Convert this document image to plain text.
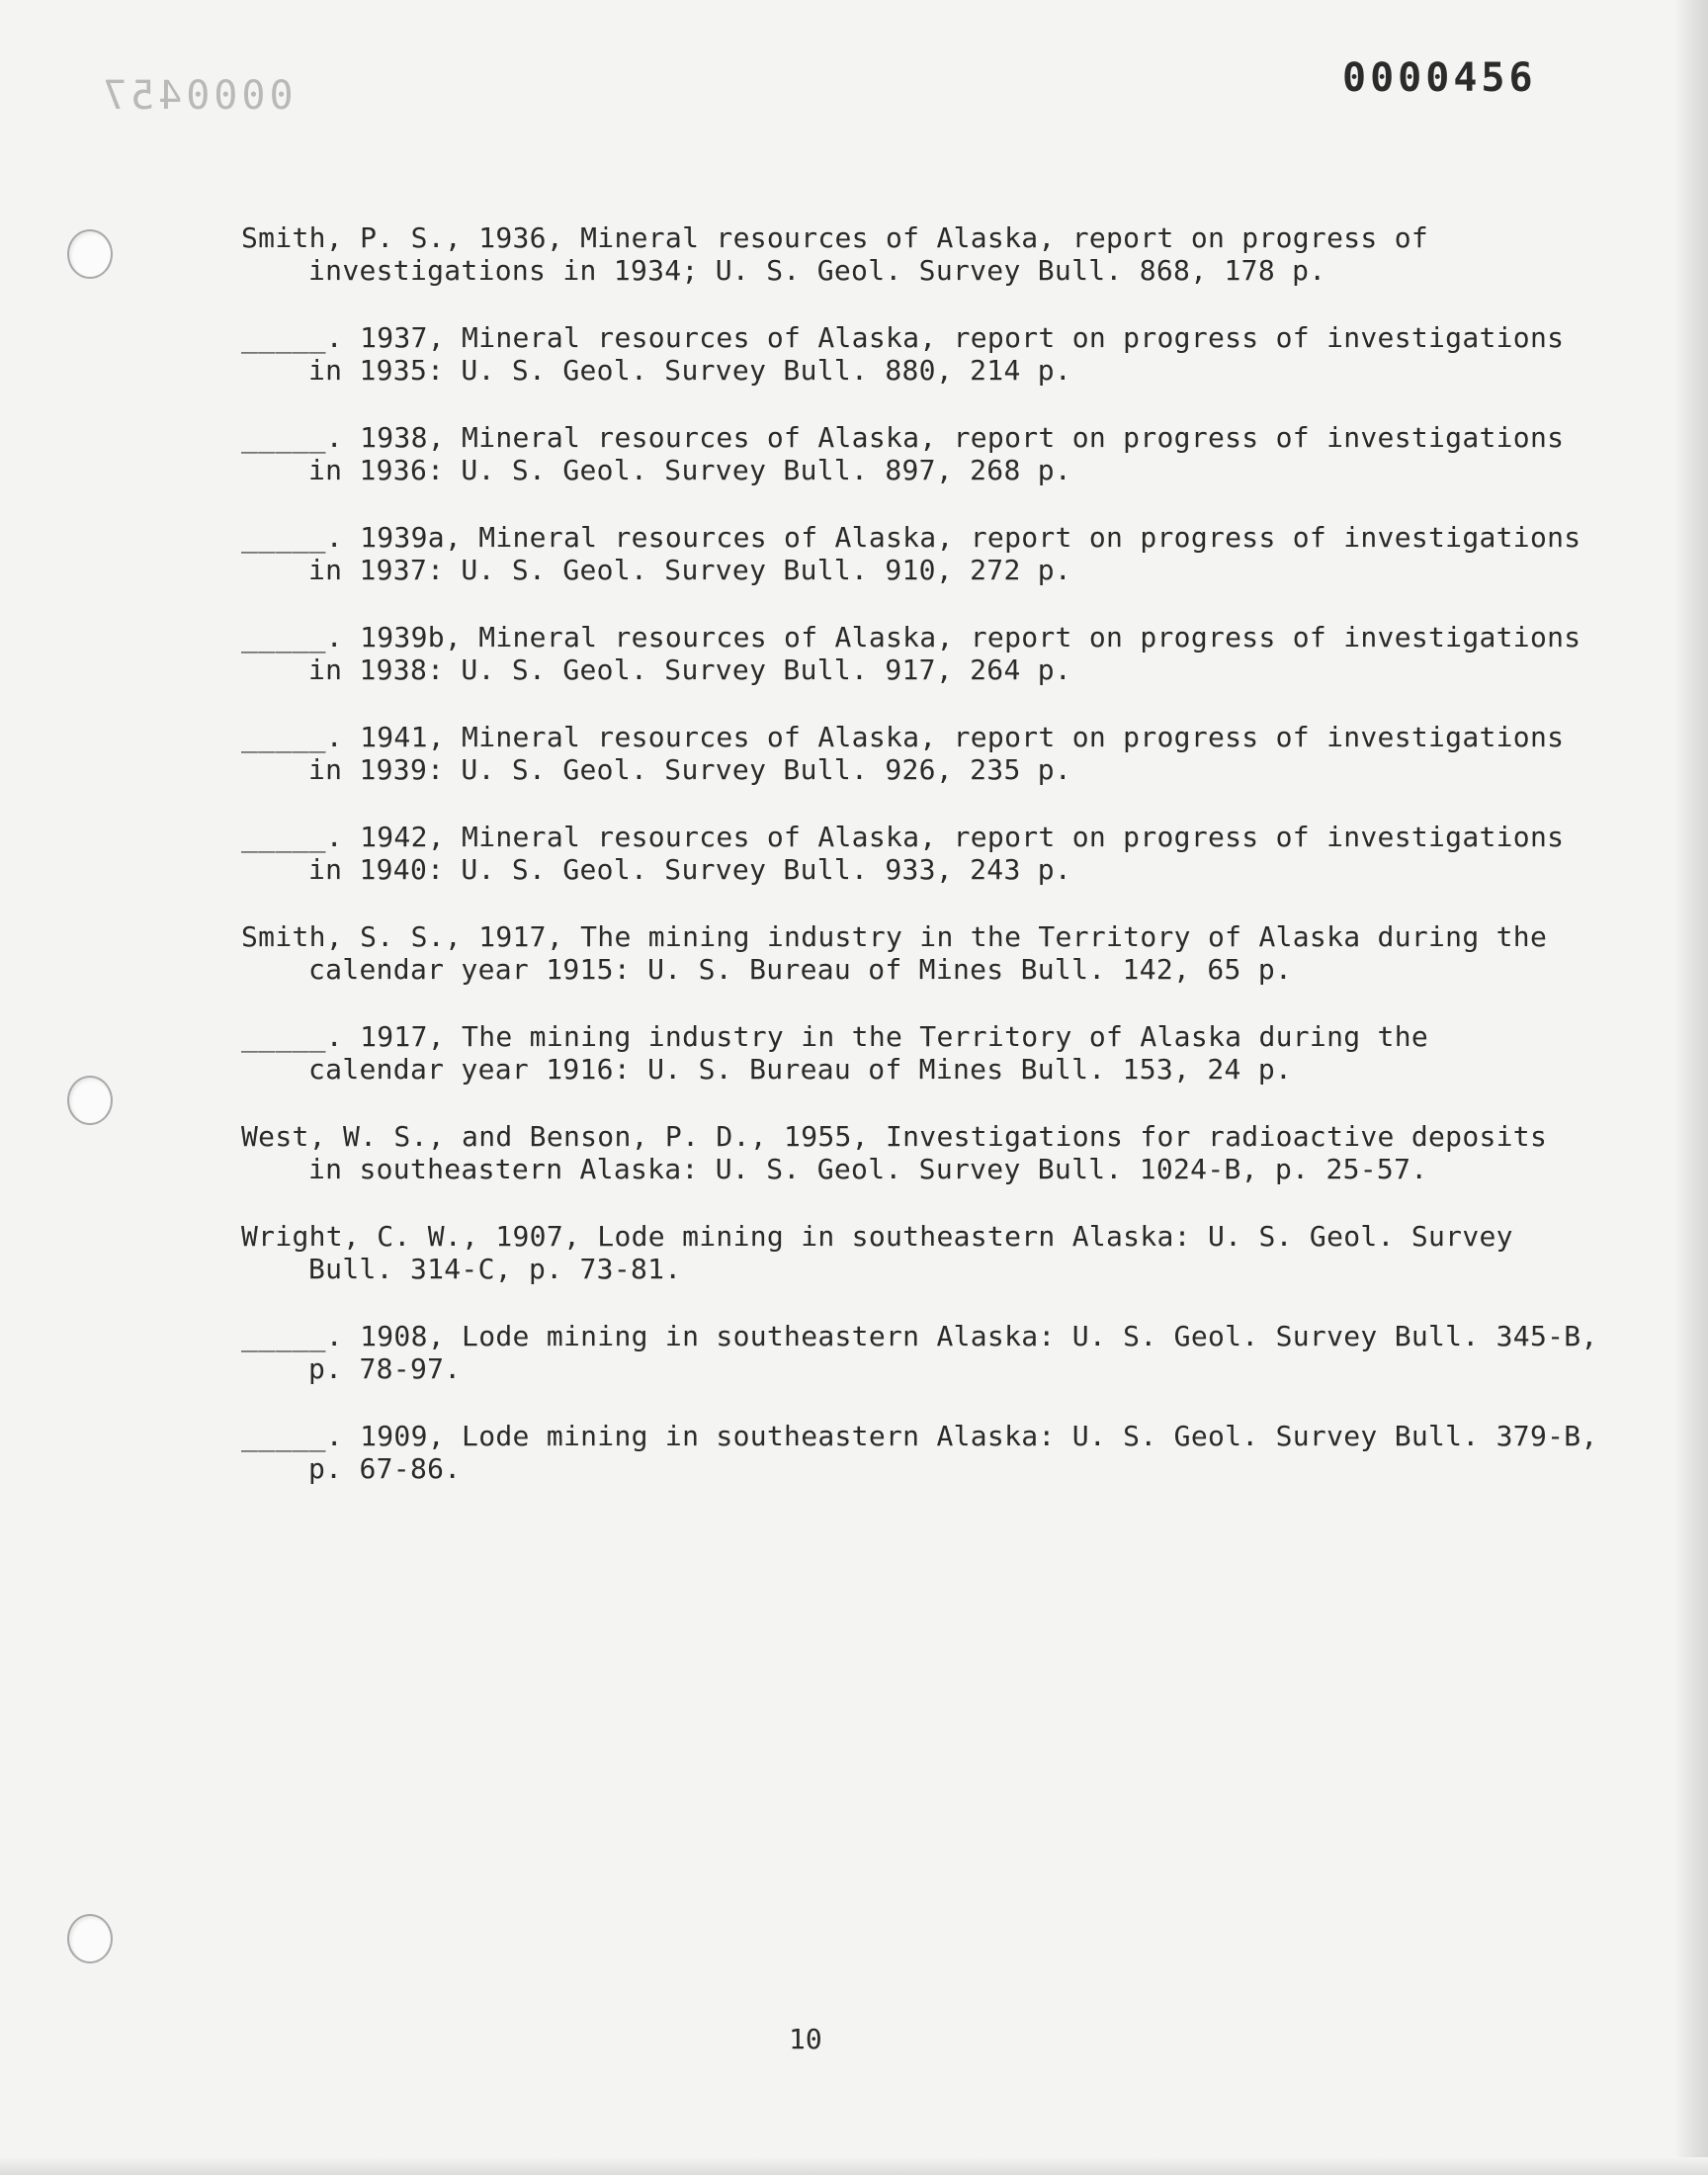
0000457	0000456
Smith, P. S., 1936, Mineral resources of Alaska, report on progress of
investigations in 1934; U. S. Geol. Survey Bull. 868, 178 p.
_____. 1937, Mineral resources of Alaska, report on progress of investigations
in 1935: U. S. Geol. Survey Bull. 880, 214 p.
_____. 1938, Mineral resources of Alaska, report on progress of investigations
in 1936: U. S. Geol. Survey Bull. 897, 268 p.
_____. 1939a, Mineral resources of Alaska, report on progress of investigations
in 1937: U. S. Geol. Survey Bull. 910, 272 p.
_____. 1939b, Mineral resources of Alaska, report on progress of investigations
in 1938: U. S. Geol. Survey Bull. 917, 264 p.
_____. 1941, Mineral resources of Alaska, report on progress of investigations
in 1939: U. S. Geol. Survey Bull. 926, 235 p.
_____. 1942, Mineral resources of Alaska, report on progress of investigations
in 1940: U. S. Geol. Survey Bull. 933, 243 p.
Smith, S. S., 1917, The mining industry in the Territory of Alaska during the
calendar year 1915: U. S. Bureau of Mines Bull. 142, 65 p.
_____. 1917, The mining industry in the Territory of Alaska during the
calendar year 1916: U. S. Bureau of Mines Bull. 153, 24 p.
West, W. S., and Benson, P. D., 1955, Investigations for radioactive deposits
in southeastern Alaska: U. S. Geol. Survey Bull. 1024-B, p. 25-57.
Wright, C. W., 1907, Lode mining in southeastern Alaska: U. S. Geol. Survey
Bull. 314-C, p. 73-81.
_____. 1908, Lode mining in southeastern Alaska: U. S. Geol. Survey Bull. 345-B,
p. 78-97.
_____. 1909, Lode mining in southeastern Alaska: U. S. Geol. Survey Bull. 379-B,
p. 67-86.
10
